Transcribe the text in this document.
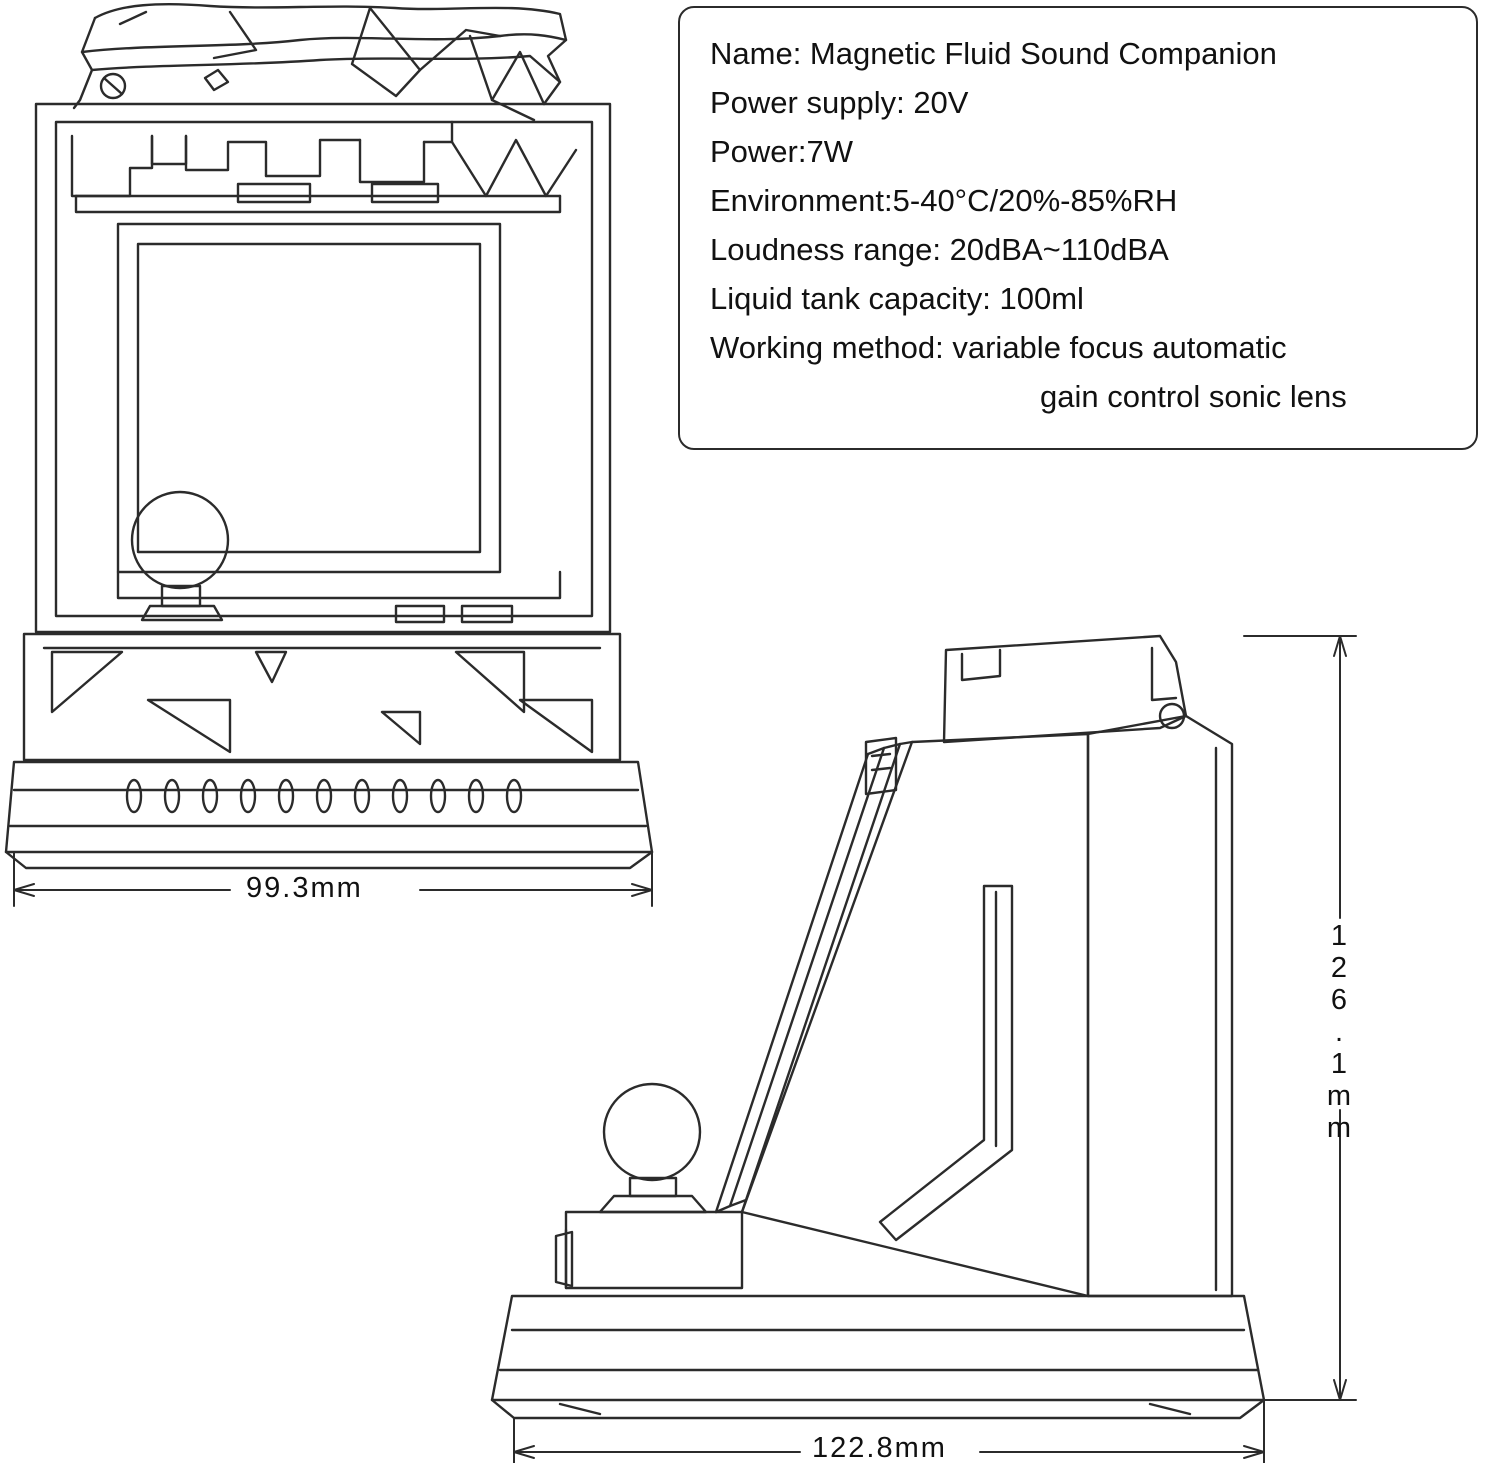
Name: Magnetic Fluid Sound Companion
Power supply: 20V
Power:7W
Environment:5-40°C/20%-85%RH
Loudness range: 20dBA~110dBA
Liquid tank capacity: 100ml
Working method: variable focus automatic
gain control sonic lens
99.3mm
126.1mm
122.8mm
